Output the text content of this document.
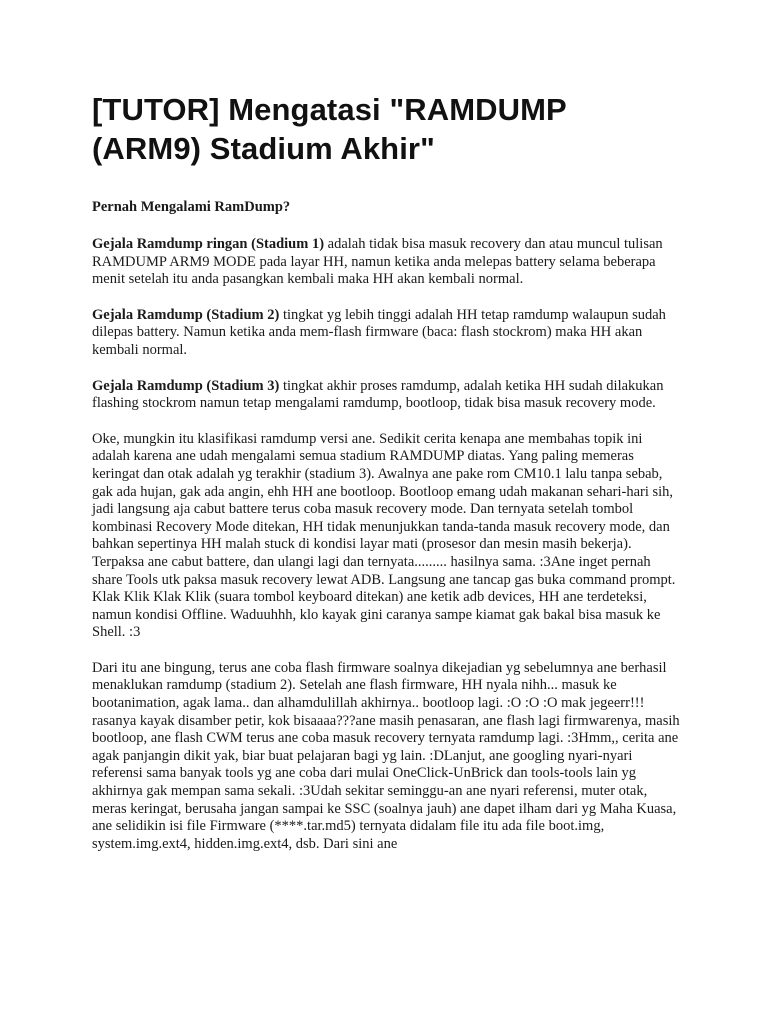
[TUTOR] Mengatasi "RAMDUMP (ARM9) Stadium Akhir"
Pernah Mengalami RamDump?

Gejala Ramdump ringan (Stadium 1) adalah tidak bisa masuk recovery dan atau muncul tulisan RAMDUMP ARM9 MODE pada layar HH, namun ketika anda melepas battery selama beberapa menit setelah itu anda pasangkan kembali maka HH akan kembali normal.

Gejala Ramdump (Stadium 2) tingkat yg lebih tinggi adalah HH tetap ramdump walaupun sudah dilepas battery. Namun ketika anda mem-flash firmware (baca: flash stockrom) maka HH akan kembali normal.

Gejala Ramdump (Stadium 3) tingkat akhir proses ramdump, adalah ketika HH sudah dilakukan flashing stockrom namun tetap mengalami ramdump, bootloop, tidak bisa masuk recovery mode.

Oke, mungkin itu klasifikasi ramdump versi ane. Sedikit cerita kenapa ane membahas topik ini adalah karena ane udah mengalami semua stadium RAMDUMP diatas. Yang paling memeras keringat dan otak adalah yg terakhir (stadium 3). Awalnya ane pake rom CM10.1 lalu tanpa sebab, gak ada hujan, gak ada angin, ehh HH ane bootloop. Bootloop emang udah makanan sehari-hari sih, jadi langsung aja cabut battere terus coba masuk recovery mode. Dan ternyata setelah tombol kombinasi Recovery Mode ditekan, HH tidak menunjukkan tanda-tanda masuk recovery mode, dan bahkan sepertinya HH malah stuck di kondisi layar mati (prosesor dan mesin masih bekerja). Terpaksa ane cabut battere, dan ulangi lagi dan ternyata......... hasilnya sama. :3Ane inget pernah share Tools utk paksa masuk recovery lewat ADB. Langsung ane tancap gas buka command prompt. Klak Klik Klak Klik (suara tombol keyboard ditekan) ane ketik adb devices, HH ane terdeteksi, namun kondisi Offline. Waduuhhh, klo kayak gini caranya sampe kiamat gak bakal bisa masuk ke Shell. :3

Dari itu ane bingung, terus ane coba flash firmware soalnya dikejadian yg sebelumnya ane berhasil menaklukan ramdump (stadium 2). Setelah ane flash firmware, HH nyala nihh... masuk ke bootanimation, agak lama.. dan alhamdulillah akhirnya.. bootloop lagi. :O :O :O mak jegeerr!!! rasanya kayak disamber petir, kok bisaaaa???ane masih penasaran, ane flash lagi firmwarenya, masih bootloop, ane flash CWM terus ane coba masuk recovery ternyata ramdump lagi. :3Hmm,, cerita ane agak panjangin dikit yak, biar buat pelajaran bagi yg lain. :DLanjut, ane googling nyari-nyari referensi sama banyak tools yg ane coba dari mulai OneClick-UnBrick dan tools-tools lain yg akhirnya gak mempan sama sekali. :3Udah sekitar seminggu-an ane nyari referensi, muter otak, meras keringat, berusaha jangan sampai ke SSC (soalnya jauh) ane dapet ilham dari yg Maha Kuasa, ane selidikin isi file Firmware (****.tar.md5) ternyata didalam file itu ada file boot.img, system.img.ext4, hidden.img.ext4, dsb. Dari sini ane
